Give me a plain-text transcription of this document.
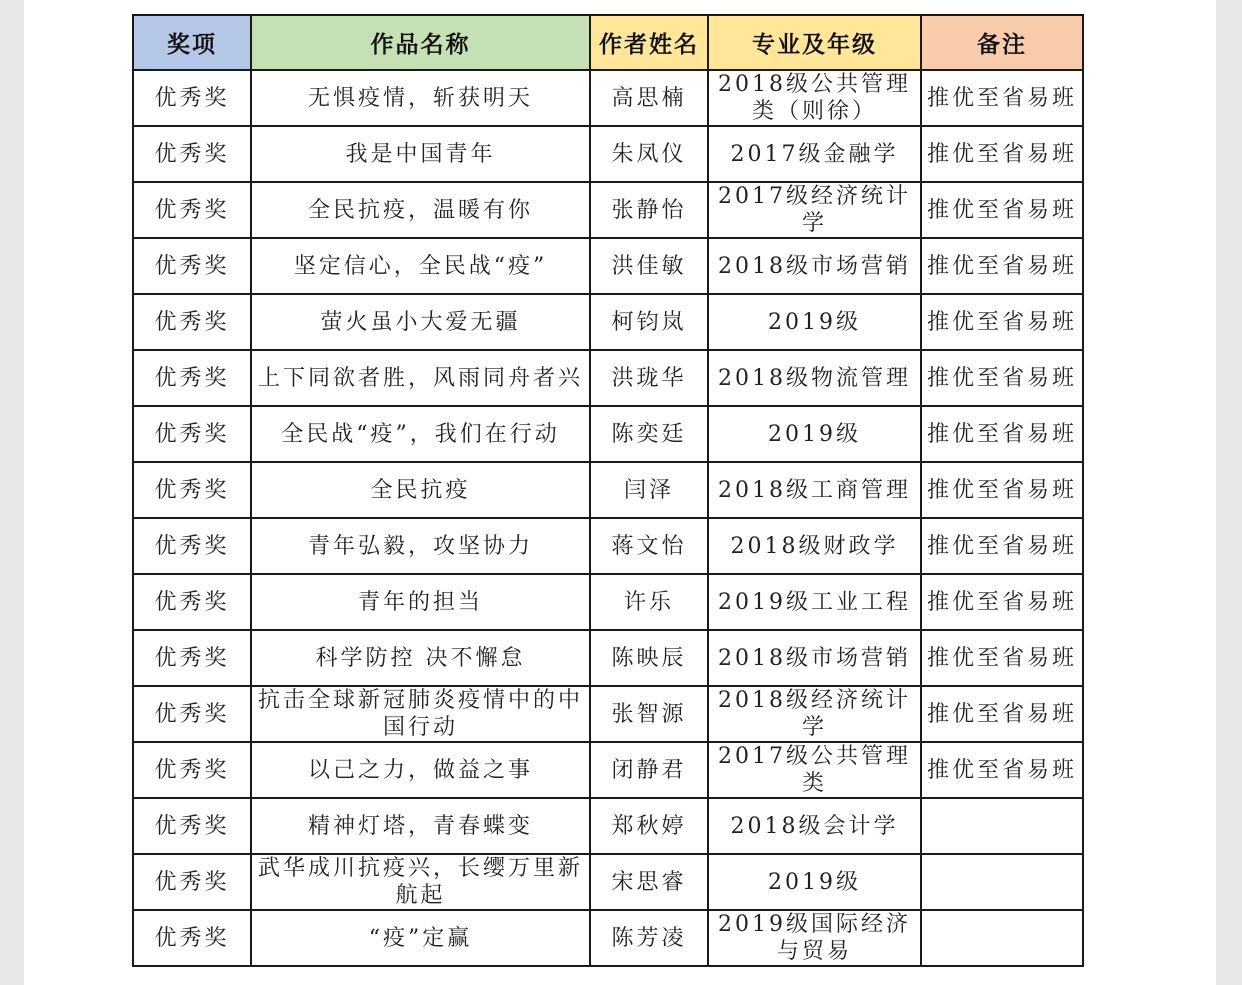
奖项	作品名称	作者姓名	专业及年级	备注
优秀奖	无惧疫情，斩获明天	高思楠	2018级公共管理类（则徐）	推优至省易班
优秀奖	我是中国青年	朱凤仪	2017级金融学	推优至省易班
优秀奖	全民抗疫，温暖有你	张静怡	2017级经济统计学	推优至省易班
优秀奖	坚定信心，全民战“疫”	洪佳敏	2018级市场营销	推优至省易班
优秀奖	萤火虽小大爱无疆	柯钧岚	2019级	推优至省易班
优秀奖	上下同欲者胜，风雨同舟者兴	洪珑华	2018级物流管理	推优至省易班
优秀奖	全民战“疫”，我们在行动	陈奕廷	2019级	推优至省易班
优秀奖	全民抗疫	闫泽	2018级工商管理	推优至省易班
优秀奖	青年弘毅，攻坚协力	蒋文怡	2018级财政学	推优至省易班
优秀奖	青年的担当	许乐	2019级工业工程	推优至省易班
优秀奖	科学防控 决不懈怠	陈映辰	2018级市场营销	推优至省易班
优秀奖	抗击全球新冠肺炎疫情中的中国行动	张智源	2018级经济统计学	推优至省易班
优秀奖	以己之力，做益之事	闭静君	2017级公共管理类	推优至省易班
优秀奖	精神灯塔，青春蝶变	郑秋婷	2018级会计学	
优秀奖	武华成川抗疫兴，长缨万里新航起	宋思睿	2019级	
优秀奖	“疫”定赢	陈芳凌	2019级国际经济与贸易	
